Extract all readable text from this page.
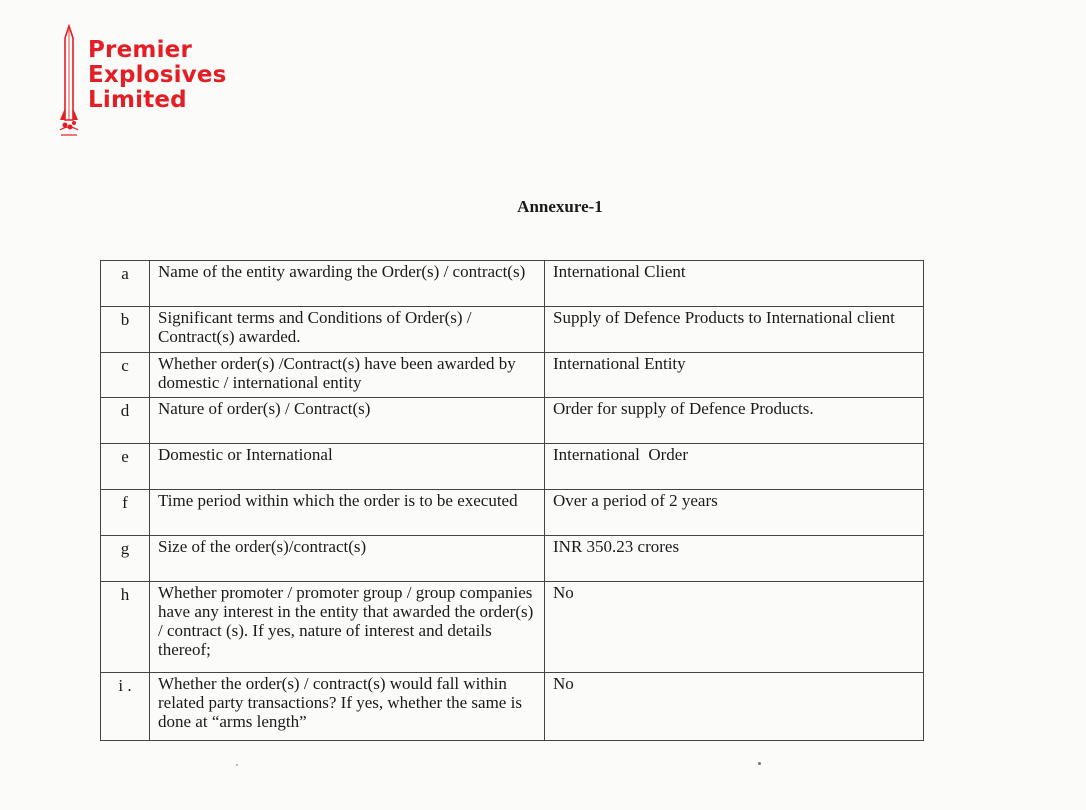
Premier
Explosives
Limited
Annexure-1
a	Name of the entity awarding the Order(s) / contract(s)	International Client
b	Significant terms and Conditions of Order(s) / Contract(s) awarded.	Supply of Defence Products to International client
c	Whether order(s) /Contract(s) have been awarded by domestic / international entity	International Entity
d	Nature of order(s) / Contract(s)	Order for supply of Defence Products.
e	Domestic or International	International  Order
f	Time period within which the order is to be executed	Over a period of 2 years
g	Size of the order(s)/contract(s)	INR 350.23 crores
h	Whether promoter / promoter group / group companies have any interest in the entity that awarded the order(s) / contract (s). If yes, nature of interest and details thereof;	No
i .	Whether the order(s) / contract(s) would fall within related party transactions? If yes, whether the same is done at “arms length”	No
